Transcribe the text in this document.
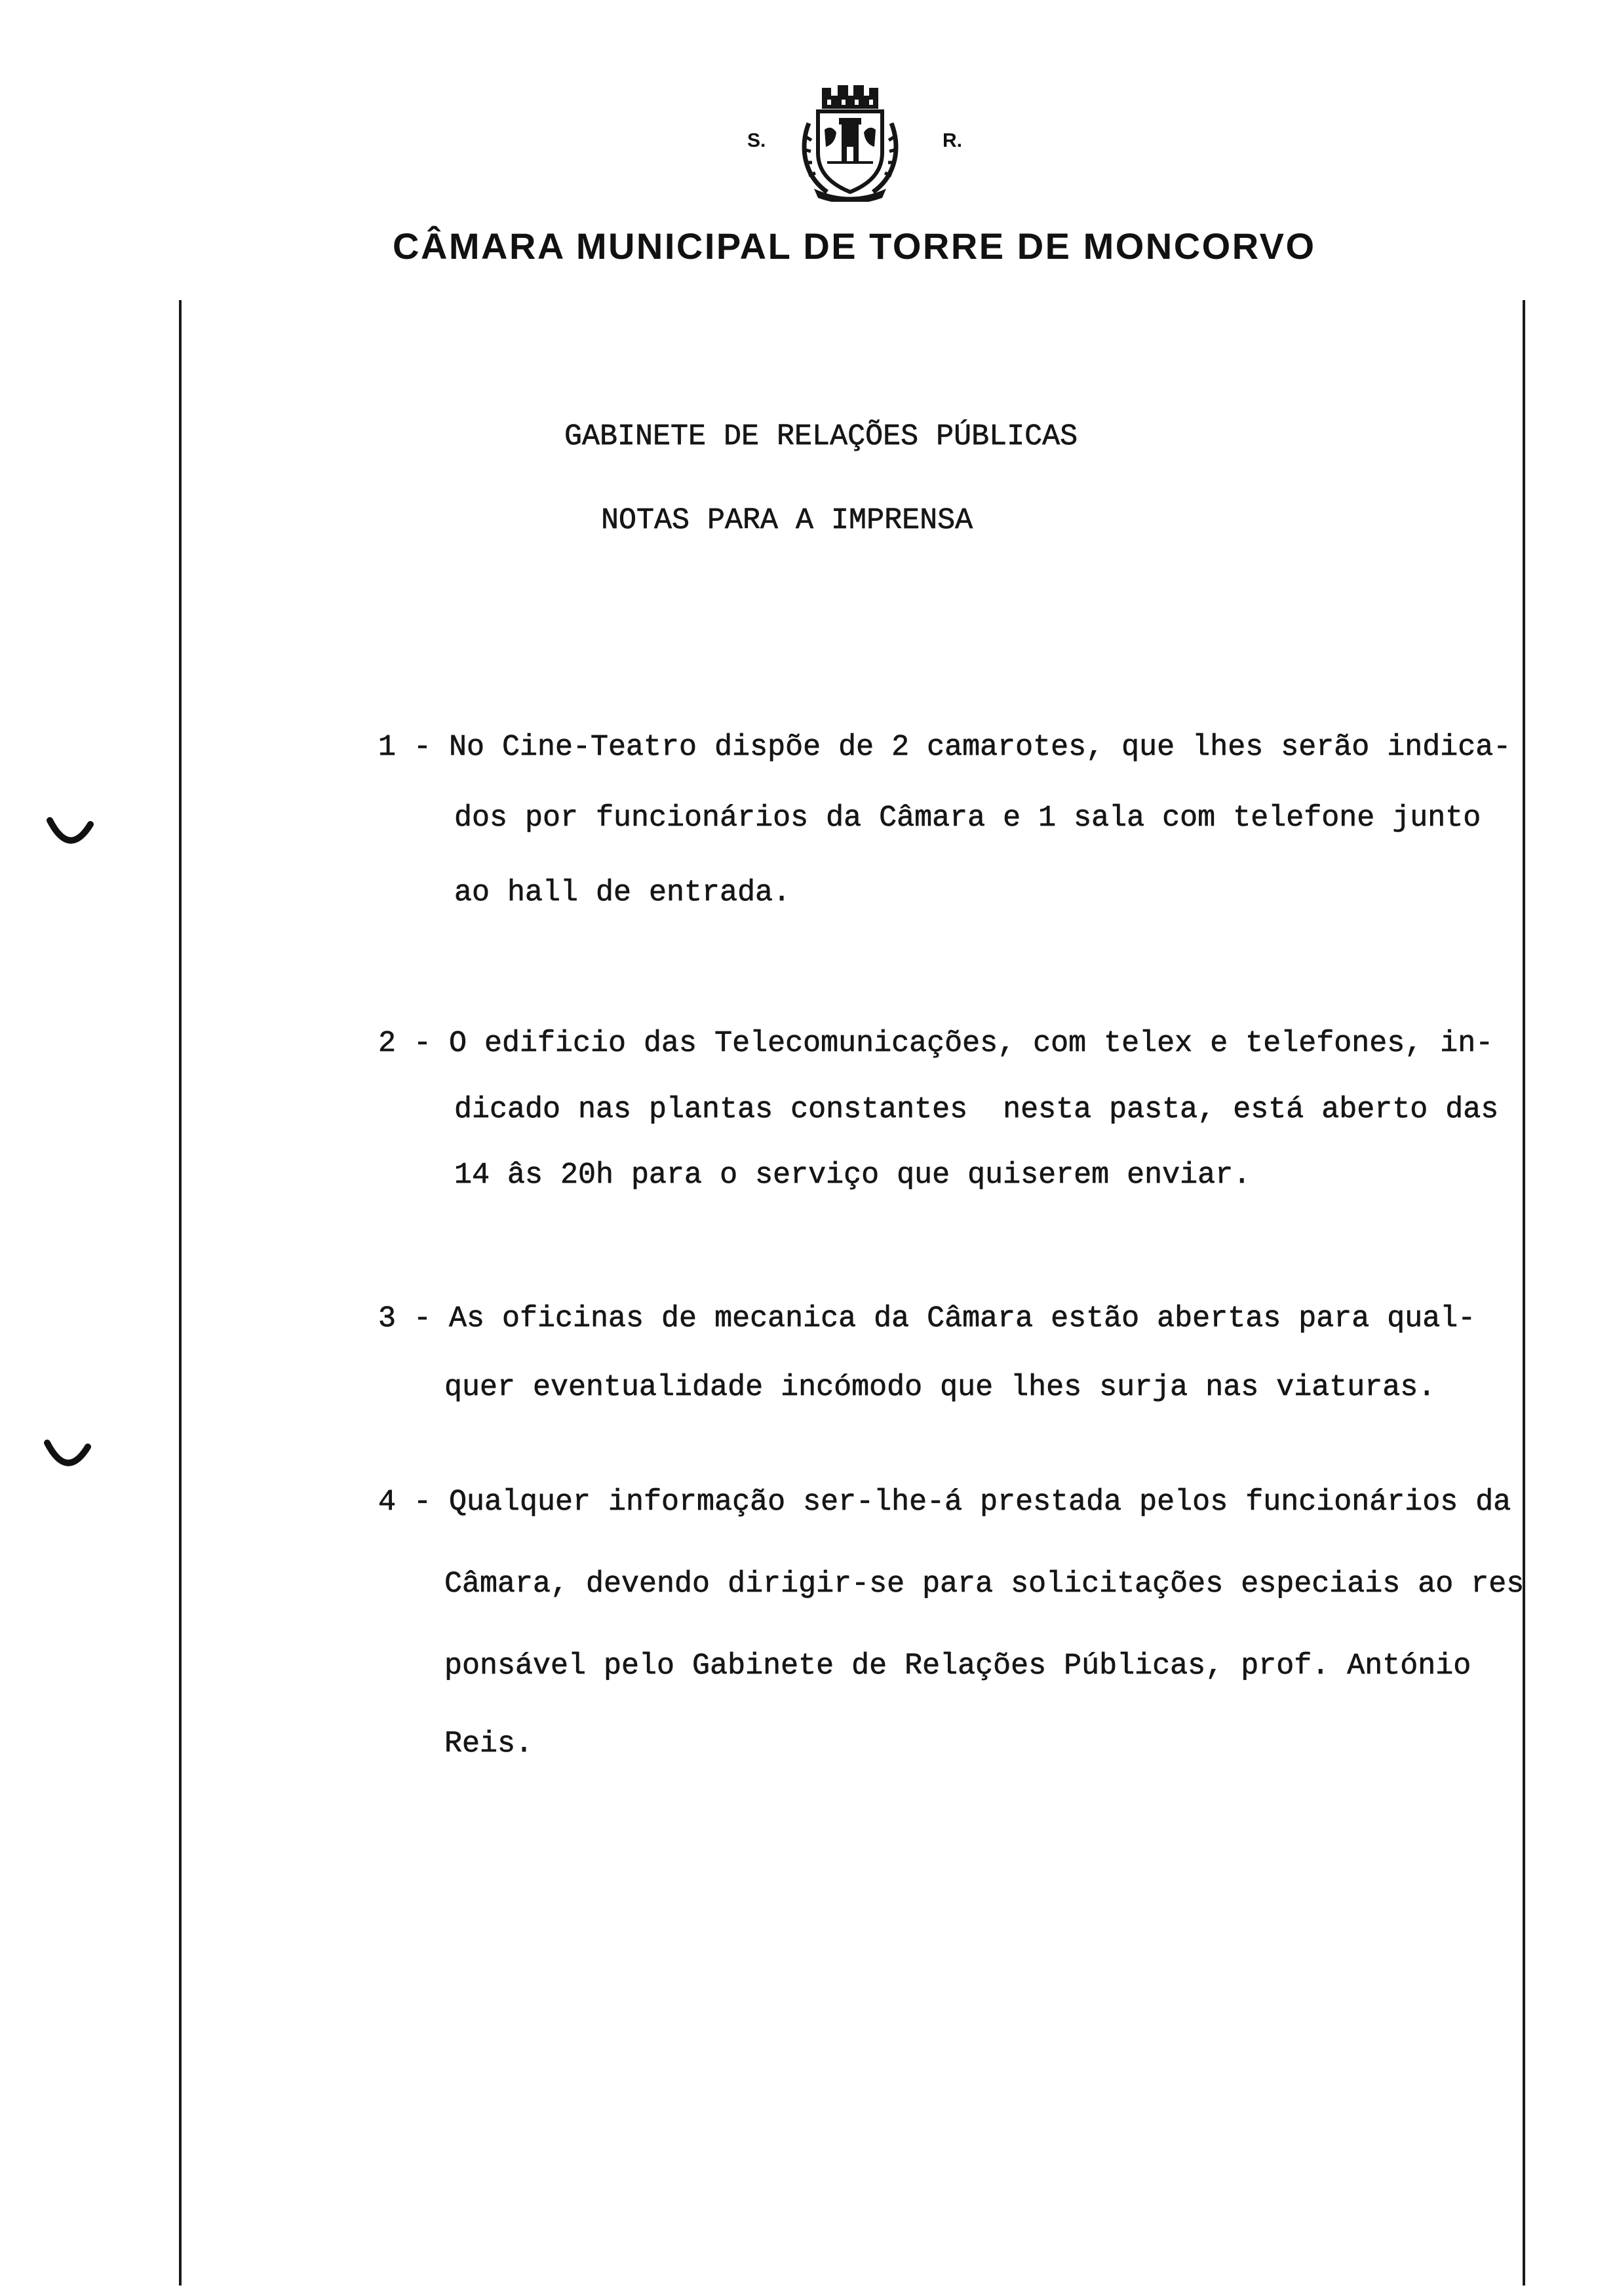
S.	R.
CÂMARA MUNICIPAL DE TORRE DE MONCORVO
GABINETE DE RELAÇÕES PÚBLICAS
NOTAS PARA A IMPRENSA
1 - No Cine-Teatro dispõe de 2 camarotes, que lhes serão indica-
dos por funcionários da Câmara e 1 sala com telefone junto
ao hall de entrada.
2 - O edificio das Telecomunicações, com telex e telefones, in-
dicado nas plantas constantes  nesta pasta, está aberto das
14 âs 20h para o serviço que quiserem enviar.
3 - As oficinas de mecanica da Câmara estão abertas para qual-
quer eventualidade incómodo que lhes surja nas viaturas.
4 - Qualquer informação ser-lhe-á prestada pelos funcionários da
Câmara, devendo dirigir-se para solicitações especiais ao res
ponsável pelo Gabinete de Relações Públicas, prof. António
Reis.
